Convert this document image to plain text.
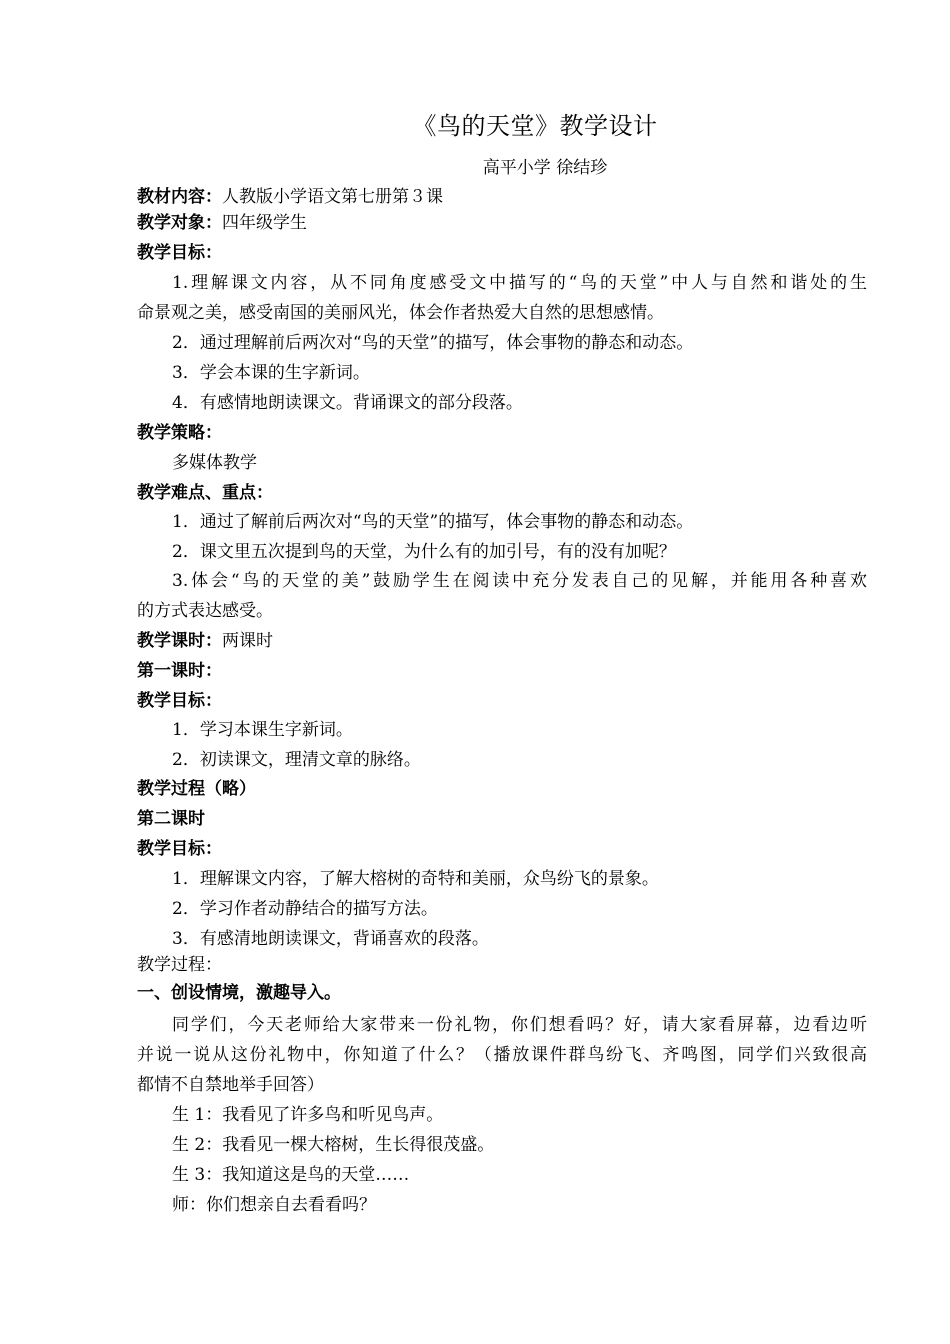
《鸟的天堂》教学设计
高平小学 徐结珍
教材内容：人教版小学语文第七册第３课
教学对象：四年级学生
教学目标：
1.理解课文内容，从不同角度感受文中描写的“鸟的天堂”中人与自然和谐处的生
命景观之美，感受南国的美丽风光，体会作者热爱大自然的思想感情。
2．通过理解前后两次对“鸟的天堂”的描写，体会事物的静态和动态。
3．学会本课的生字新词。
4．有感情地朗读课文。背诵课文的部分段落。
教学策略：
多媒体教学
教学难点、重点：
1．通过了解前后两次对“鸟的天堂”的描写，体会事物的静态和动态。
2．课文里五次提到鸟的天堂，为什么有的加引号，有的没有加呢？
3.体会“鸟的天堂的美”鼓励学生在阅读中充分发表自己的见解，并能用各种喜欢
的方式表达感受。
教学课时：两课时
第一课时：
教学目标：
1．学习本课生字新词。
2．初读课文，理清文章的脉络。
教学过程（略）
第二课时
教学目标：
1．理解课文内容，了解大榕树的奇特和美丽，众鸟纷飞的景象。
2．学习作者动静结合的描写方法。
3．有感清地朗读课文，背诵喜欢的段落。
教学过程：
一、创设情境，激趣导入。
同学们，今天老师给大家带来一份礼物，你们想看吗？好，请大家看屏幕，边看边听
并说一说从这份礼物中，你知道了什么？（播放课件群鸟纷飞、齐鸣图，同学们兴致很高
都情不自禁地举手回答）
生 1：我看见了许多鸟和听见鸟声。
生 2：我看见一棵大榕树，生长得很茂盛。
生 3：我知道这是鸟的天堂……
师：你们想亲自去看看吗？
